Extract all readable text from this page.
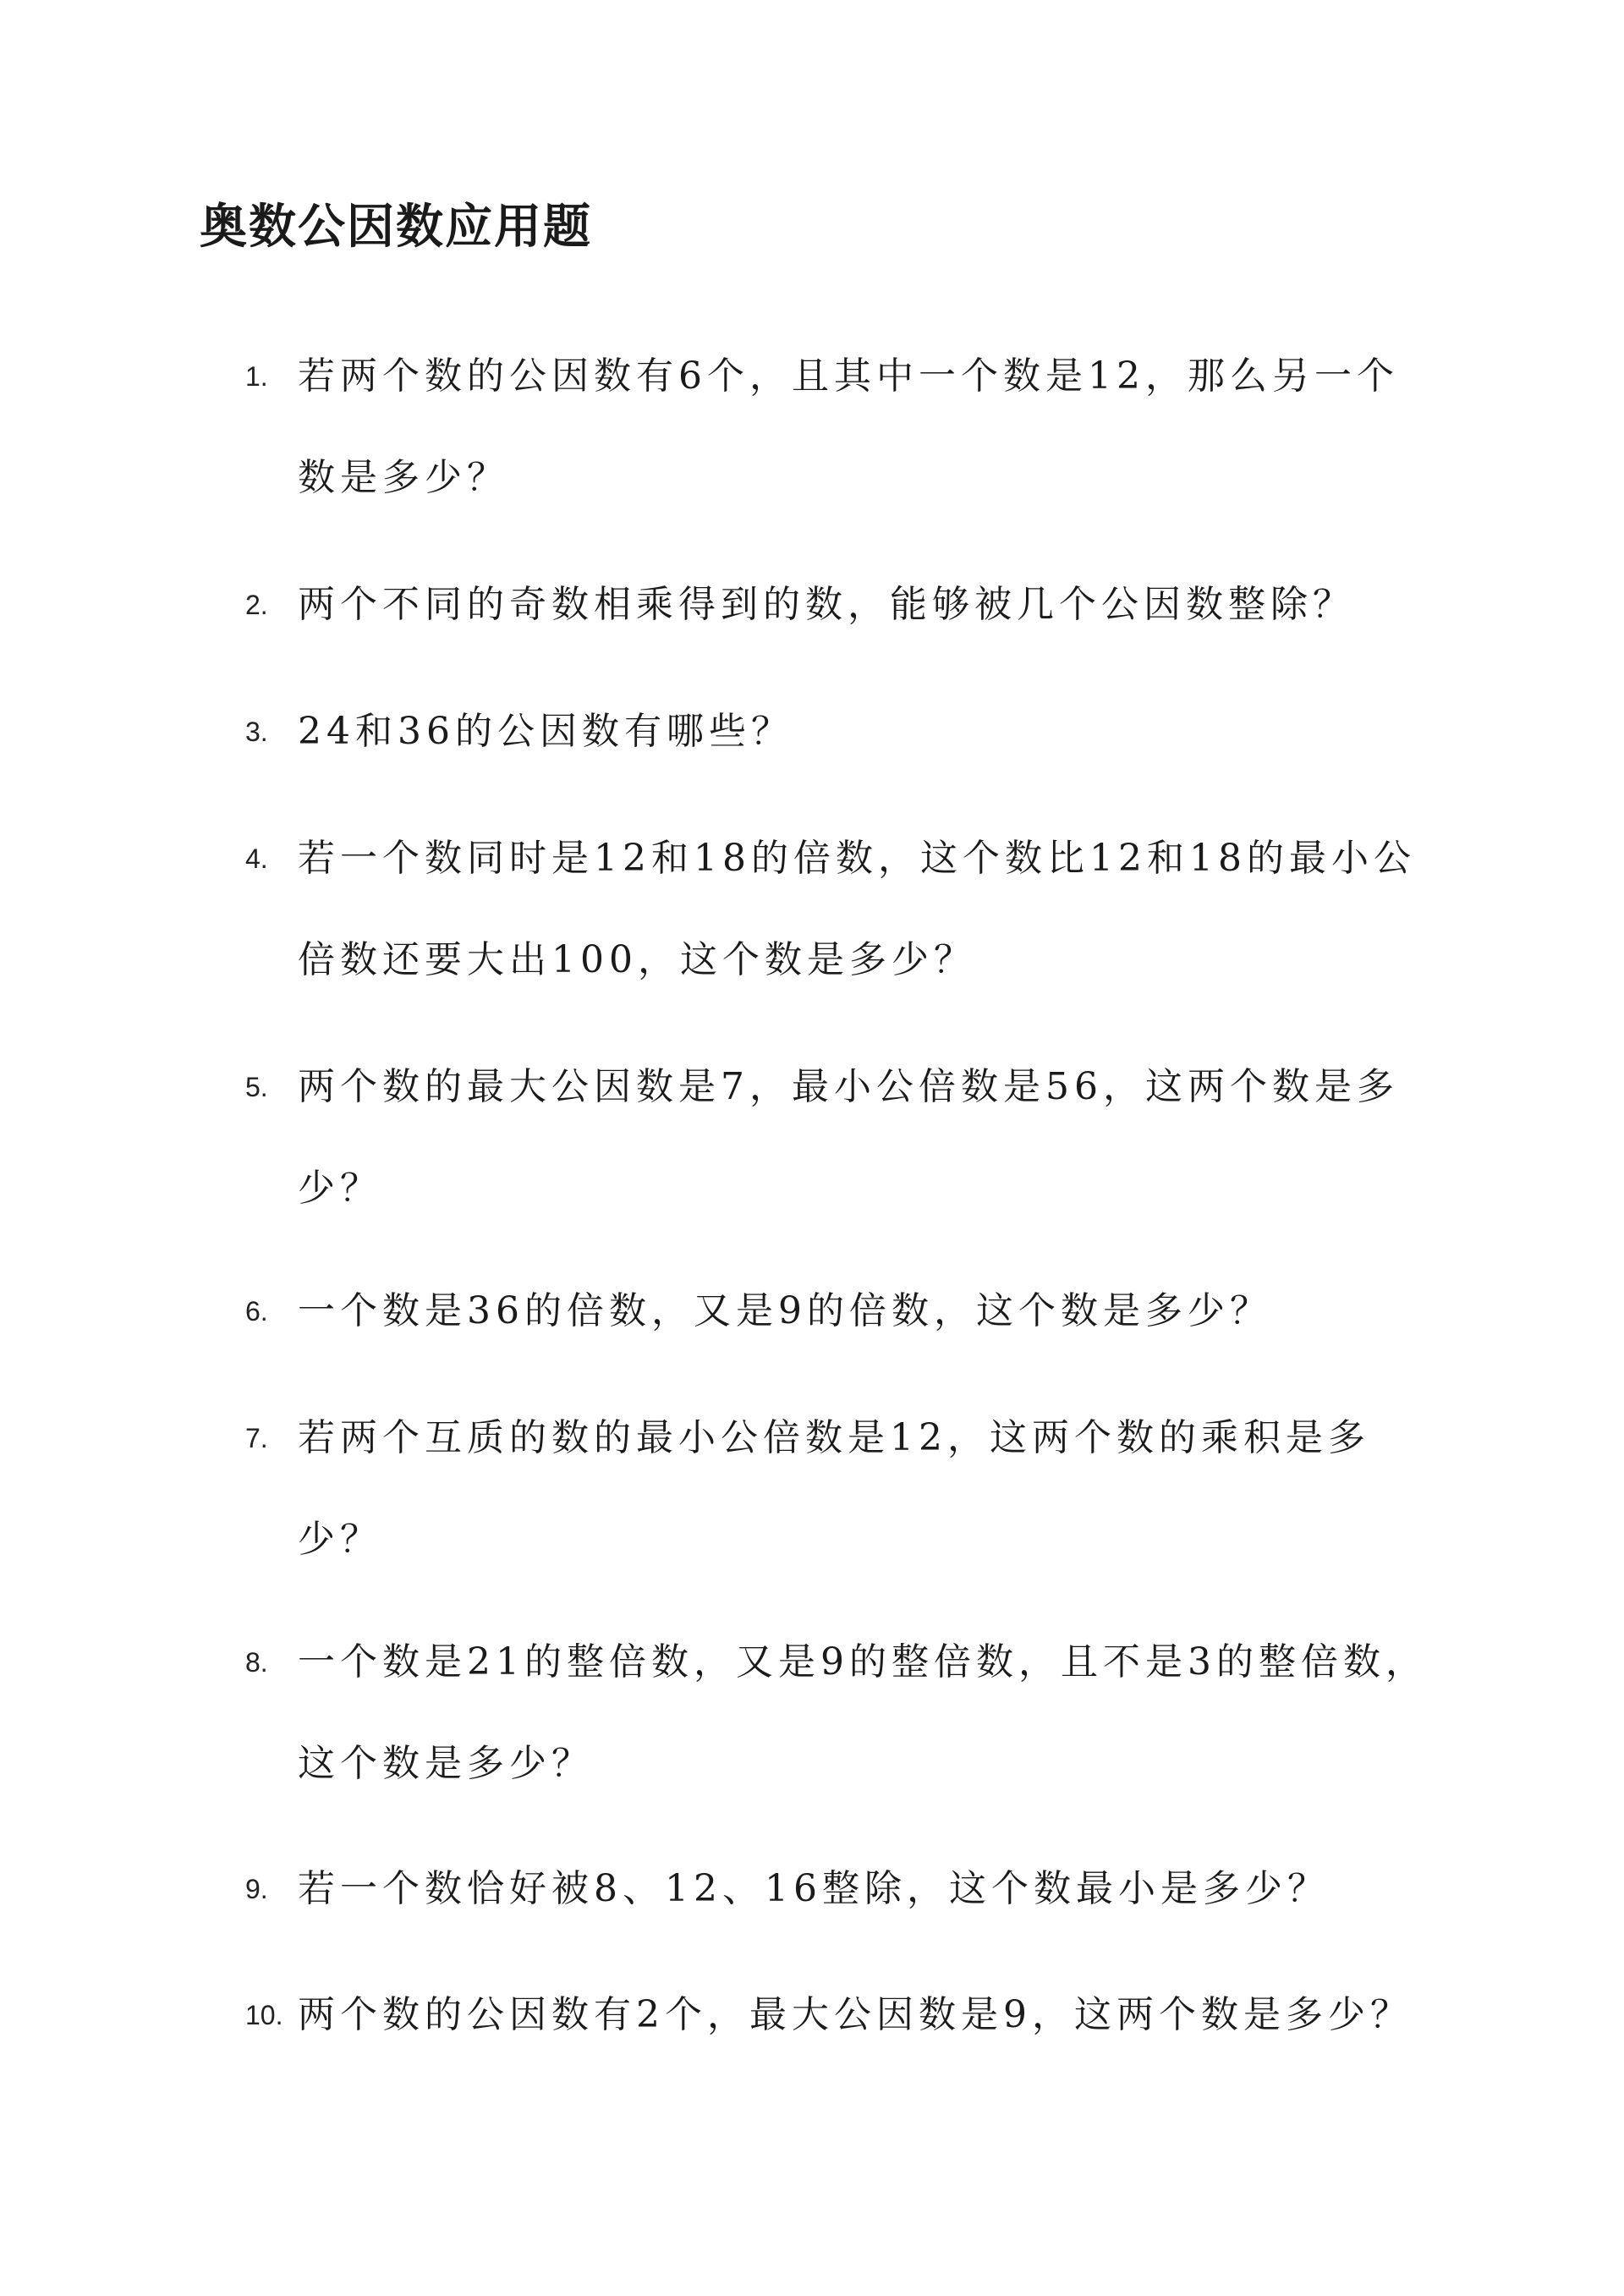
奥数公因数应用题
1. 若两个数的公因数有6个，且其中一个数是12，那么另一个数是多少？
2. 两个不同的奇数相乘得到的数，能够被几个公因数整除？
3. 24和36的公因数有哪些？
4. 若一个数同时是12和18的倍数，这个数比12和18的最小公倍数还要大出100，这个数是多少？
5. 两个数的最大公因数是7，最小公倍数是56，这两个数是多少？
6. 一个数是36的倍数，又是9的倍数，这个数是多少？
7. 若两个互质的数的最小公倍数是12，这两个数的乘积是多少？
8. 一个数是21的整倍数，又是9的整倍数，且不是3的整倍数，这个数是多少？
9. 若一个数恰好被8、12、16整除，这个数最小是多少？
10. 两个数的公因数有2个，最大公因数是9，这两个数是多少？
